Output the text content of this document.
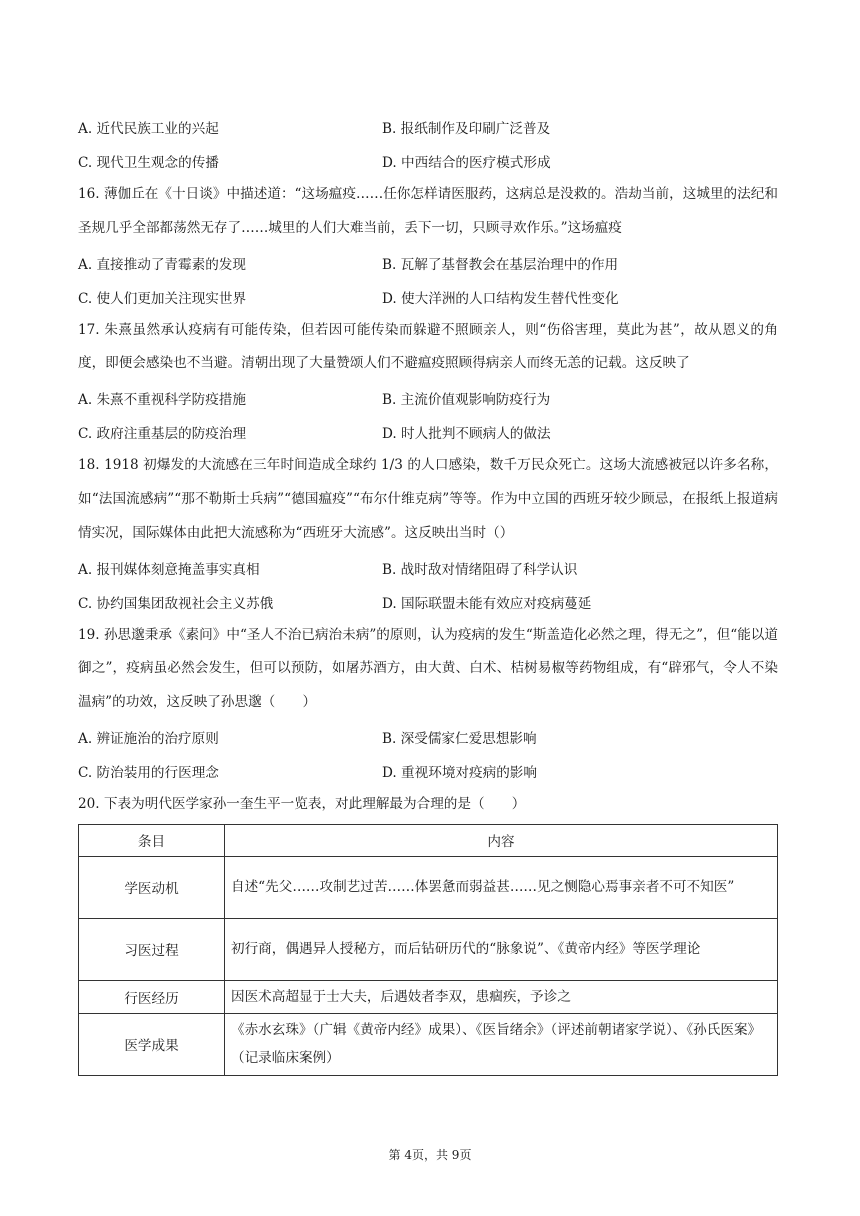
A. 近代民族工业的兴起	B. 报纸制作及印刷广泛普及
C. 现代卫生观念的传播	D. 中西结合的医疗模式形成

16. 薄伽丘在《十日谈》中描述道：“这场瘟疫……任你怎样请医服药，这病总是没救的。浩劫当前，这城里的法纪和圣规几乎全部都荡然无存了……城里的人们大难当前，丢下一切，只顾寻欢作乐。”这场瘟疫

A. 直接推动了青霉素的发现	B. 瓦解了基督教会在基层治理中的作用
C. 使人们更加关注现实世界	D. 使大洋洲的人口结构发生替代性变化

17. 朱熹虽然承认疫病有可能传染，但若因可能传染而躲避不照顾亲人，则“伤俗害理，莫此为甚”，故从恩义的角度，即便会感染也不当避。清朝出现了大量赞颂人们不避瘟疫照顾得病亲人而终无恙的记载。这反映了

A. 朱熹不重视科学防疫措施	B. 主流价值观影响防疫行为
C. 政府注重基层的防疫治理	D. 时人批判不顾病人的做法

18. 1918 初爆发的大流感在三年时间造成全球约 1/3 的人口感染，数千万民众死亡。这场大流感被冠以许多名称，如“法国流感病”“那不勒斯士兵病”“德国瘟疫”“布尔什维克病”等等。作为中立国的西班牙较少顾忌，在报纸上报道病情实况，国际媒体由此把大流感称为“西班牙大流感”。这反映出当时（）

A. 报刊媒体刻意掩盖事实真相	B. 战时敌对情绪阻碍了科学认识
C. 协约国集团敌视社会主义苏俄	D. 国际联盟未能有效应对疫病蔓延

19. 孙思邈秉承《素问》中“圣人不治已病治未病”的原则，认为疫病的发生“斯盖造化必然之理，得无之”，但“能以道御之”，疫病虽必然会发生，但可以预防，如屠苏酒方，由大黄、白术、桔树易椒等药物组成，有“辟邪气，令人不染温病”的功效，这反映了孙思邈（　　）

A. 辨证施治的治疗原则	B. 深受儒家仁爱思想影响
C. 防治装用的行医理念	D. 重视环境对疫病的影响

20. 下表为明代医学家孙一奎生平一览表，对此理解最为合理的是（　　）

条目	内容
学医动机	自述“先父……攻制艺过苦……体罢惫而弱益甚……见之恻隐心焉事亲者不可不知医”
习医过程	初行商，偶遇异人授秘方，而后钻研历代的“脉象说”、《黄帝内经》等医学理论
行医经历	因医术高超显于士大夫，后遇妓者李双，患痼疾，予诊之
医学成果	《赤水玄珠》（广辑《黄帝内经》成果）、《医旨绪余》（评述前朝诸家学说）、《孙氏医案》（记录临床案例）
第 4页，共 9页
